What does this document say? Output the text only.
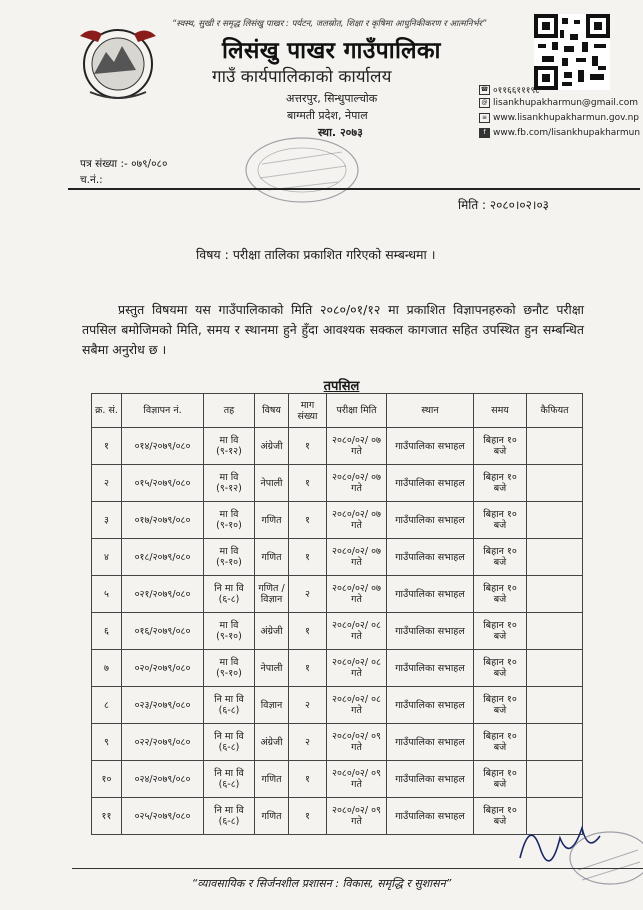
“स्वस्थ, सुखी र समृद्ध लिसंखु पाखर : पर्यटन, जलस्रोत, शिक्षा र कृषिमा आधुनिकीकरण र आत्मनिर्भर”
लिसंखु पाखर गाउँपालिका
गाउँ कार्यपालिकाको कार्यालय
अत्तरपुर, सिन्धुपाल्चोक
बाग्मती प्रदेश, नेपाल
स्था. २०७३
☎ ०११६६१११९८
@ lisankhupakharmun@gmail.com
≡ www.lisankhupakharmun.gov.np
f www.fb.com/lisankhupakharmun
पत्र संख्या :- ०७९/०८०
च.नं.:
मिति : २०८०।०२।०३
विषय : परीक्षा तालिका प्रकाशित गरिएको सम्बन्धमा ।
प्रस्तुत विषयमा यस गाउँपालिकाको मिति २०८०/०१/१२ मा प्रकाशित विज्ञापनहरुको छनौट परीक्षा तपसिल बमोजिमको मिति, समय र स्थानमा हुने हुँदा आवश्यक सक्कल कागजात सहित उपस्थित हुन सम्बन्धित सबैमा अनुरोध छ ।
तपसिल
क्र. सं.	विज्ञापन नं.	तह	विषय	माग संख्या	परीक्षा मिति	स्थान	समय	कैफियत
१	०१४/२०७९/०८०	मा वि (९-१२)	अंग्रेजी	१	२०८०/०२/ ०७ गते	गाउँपालिका सभाहल	बिहान १० बजे	
२	०१५/२०७९/०८०	मा वि (९-१२)	नेपाली	१	२०८०/०२/ ०७ गते	गाउँपालिका सभाहल	बिहान १० बजे	
३	०१७/२०७९/०८०	मा वि (९-१०)	गणित	१	२०८०/०२/ ०७ गते	गाउँपालिका सभाहल	बिहान १० बजे	
४	०१८/२०७९/०८०	मा वि (९-१०)	गणित	१	२०८०/०२/ ०७ गते	गाउँपालिका सभाहल	बिहान १० बजे	
५	०२१/२०७९/०८०	नि मा वि (६-८)	गणित / विज्ञान	२	२०८०/०२/ ०७ गते	गाउँपालिका सभाहल	बिहान १० बजे	
६	०१६/२०७९/०८०	मा वि (९-१०)	अंग्रेजी	१	२०८०/०२/ ०८ गते	गाउँपालिका सभाहल	बिहान १० बजे	
७	०२०/२०७९/०८०	मा वि (९-१०)	नेपाली	१	२०८०/०२/ ०८ गते	गाउँपालिका सभाहल	बिहान १० बजे	
८	०२३/२०७९/०८०	नि मा वि (६-८)	विज्ञान	२	२०८०/०२/ ०८ गते	गाउँपालिका सभाहल	बिहान १० बजे	
९	०२२/२०७९/०८०	नि मा वि (६-८)	अंग्रेजी	२	२०८०/०२/ ०९ गते	गाउँपालिका सभाहल	बिहान १० बजे	
१०	०२४/२०७९/०८०	नि मा वि (६-८)	गणित	१	२०८०/०२/ ०९ गते	गाउँपालिका सभाहल	बिहान १० बजे	
११	०२५/२०७९/०८०	नि मा वि (६-८)	गणित	१	२०८०/०२/ ०९ गते	गाउँपालिका सभाहल	बिहान १० बजे	
“व्यावसायिक र सिर्जनशील प्रशासन : विकास, समृद्धि र सुशासन”
